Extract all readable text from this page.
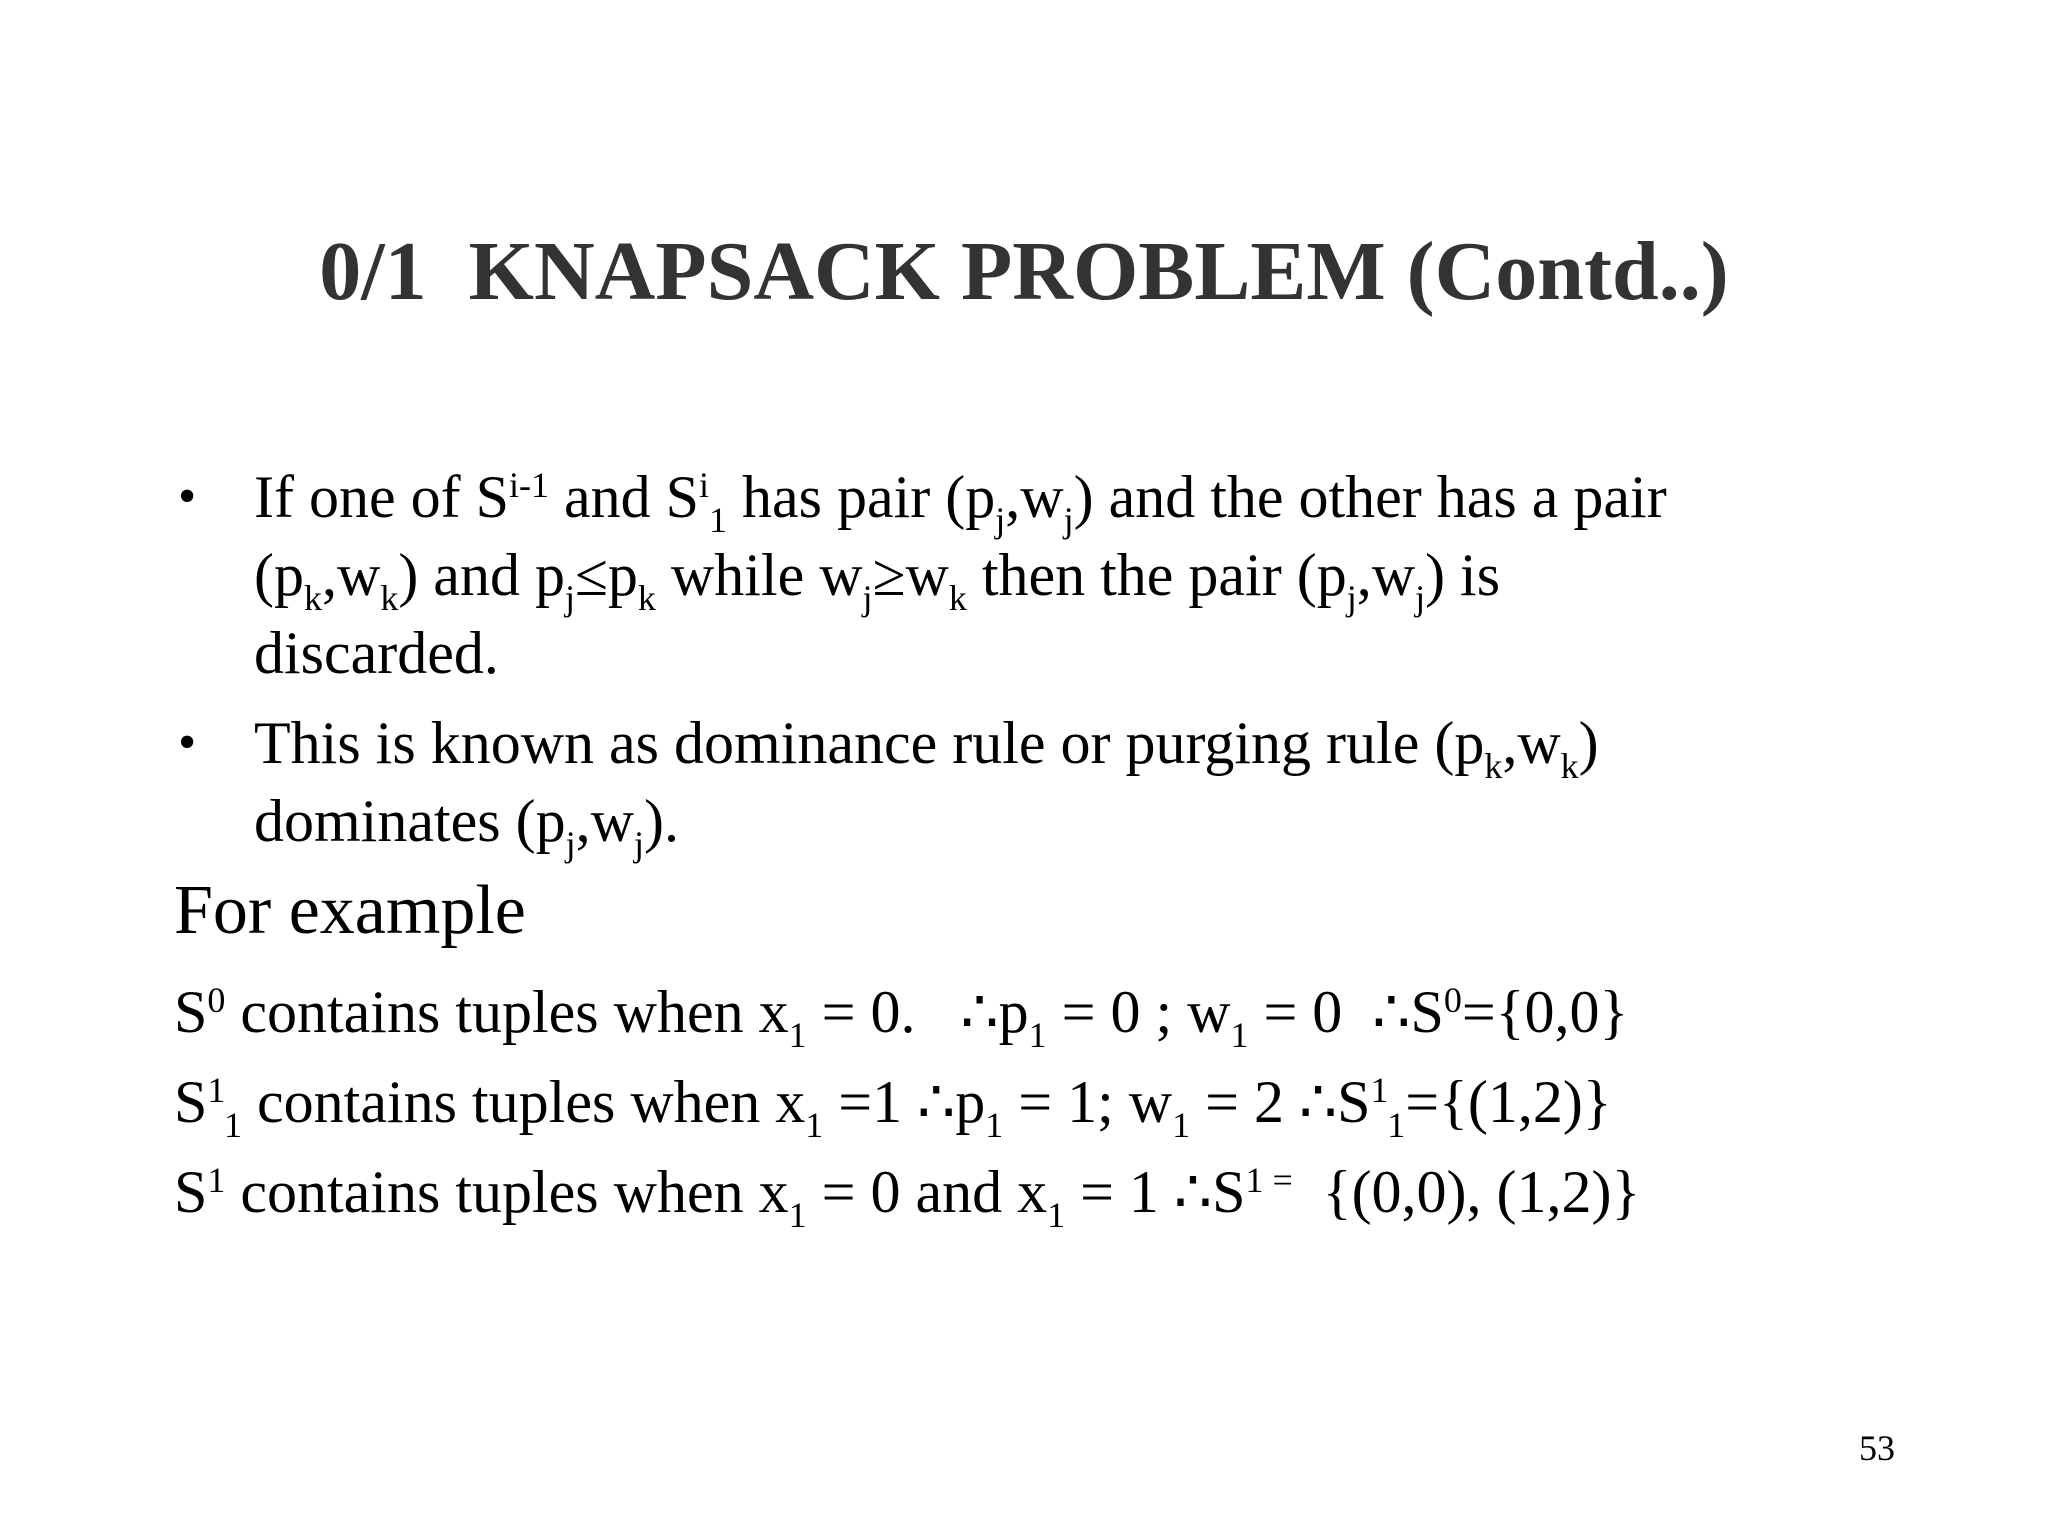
0/1  KNAPSACK PROBLEM (Contd..)
• If one of $S^{i-1}$ and $S^i_1$ has pair $(p_j,w_j)$ and the other has a pair
$(p_k,w_k)$ and $p_j\le p_k$ while $w_j\ge w_k$ then the pair $(p_j,w_j)$ is
discarded.
• This is known as dominance rule or purging rule $(p_k,w_k)$
dominates $(p_j,w_j)$.
For example
$S^0$ contains tuples when $x_1 = 0$.   $\therefore p_1 = 0$ ; $w_1 = 0$  $\therefore S^0=\{0,0\}$
$S^1_1$ contains tuples when $x_1 =1$ $\therefore p_1 = 1$; $w_1 = 2$ $\therefore S^1_1=\{(1,2)\}$
$S^1$ contains tuples when $x_1 = 0$ and $x_1 = 1$ $\therefore S^{1 =}$  {(0,0), (1,2)}
53
